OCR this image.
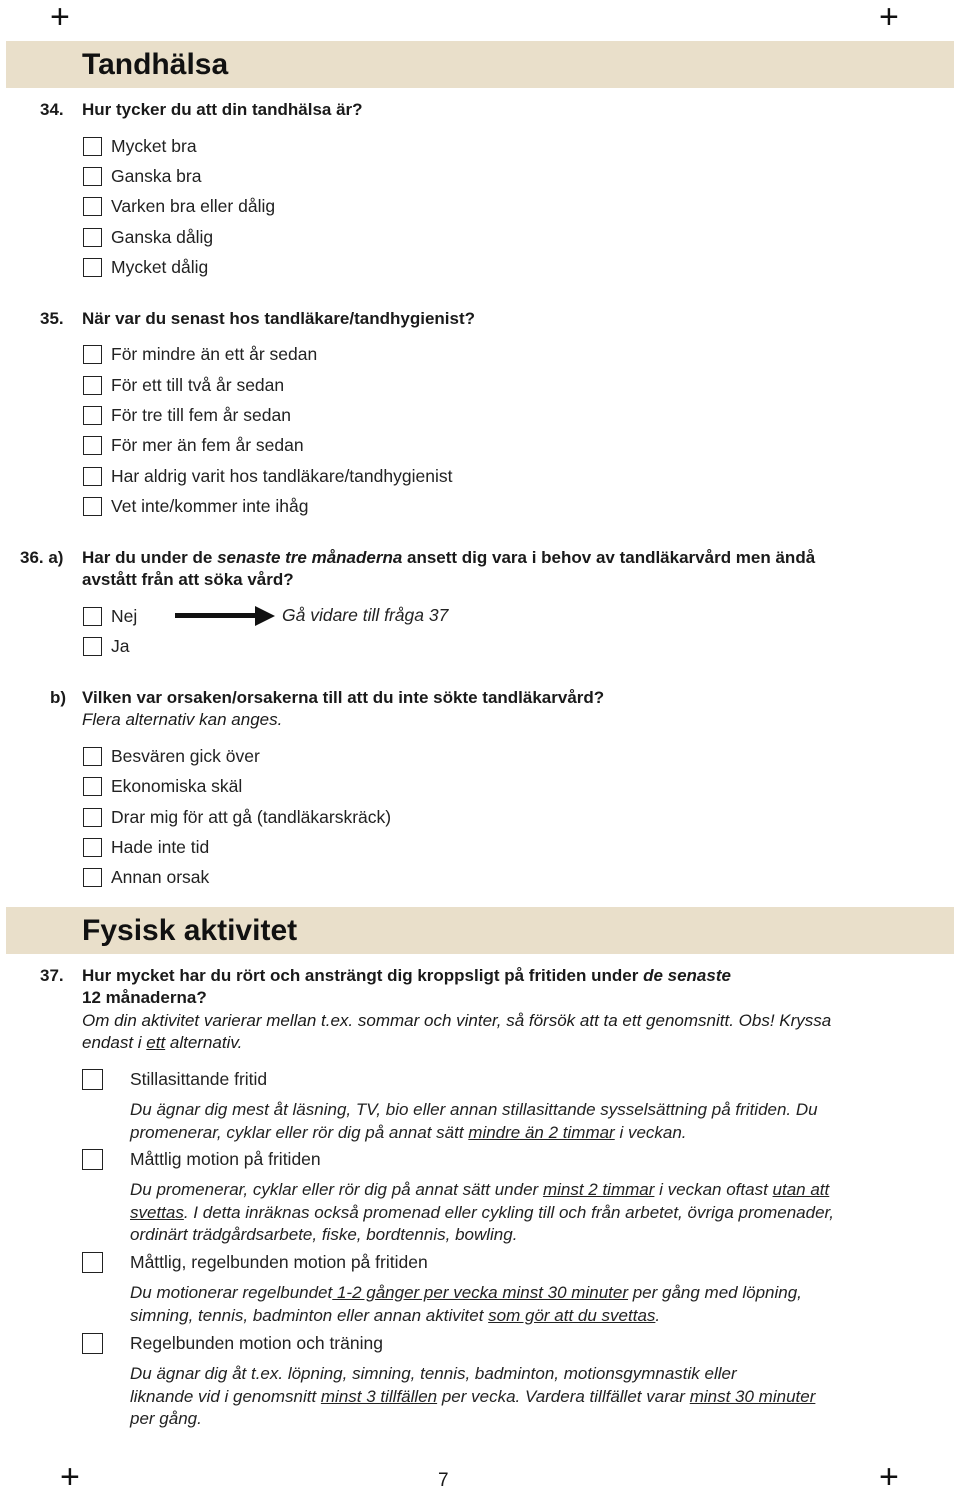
+	+
+	+
Tandhälsa
34. Hur tycker du att din tandhälsa är?
Mycket bra
Ganska bra
Varken bra eller dålig
Ganska dålig
Mycket dålig
35. När var du senast hos tandläkare/tandhygienist?
För mindre än ett år sedan
För ett till två år sedan
För tre till fem år sedan
För mer än fem år sedan
Har aldrig varit hos tandläkare/tandhygienist
Vet inte/kommer inte ihåg
36. a) Har du under de senaste tre månaderna ansett dig vara i behov av tandläkarvård men ändå
avstått från att söka vård?
Nej	Gå vidare till fråga 37
Ja
b) Vilken var orsaken/orsakerna till att du inte sökte tandläkarvård?
Flera alternativ kan anges.
Besvären gick över
Ekonomiska skäl
Drar mig för att gå (tandläkarskräck)
Hade inte tid
Annan orsak
Fysisk aktivitet
37. Hur mycket har du rört och ansträngt dig kroppsligt på fritiden under de senaste
12 månaderna?
Om din aktivitet varierar mellan t.ex. sommar och vinter, så försök att ta ett genomsnitt. Obs! Kryssa
endast i ett alternativ.
Stillasittande fritid
Du ägnar dig mest åt läsning, TV, bio eller annan stillasittande sysselsättning på fritiden. Du
promenerar, cyklar eller rör dig på annat sätt mindre än 2 timmar i veckan.
Måttlig motion på fritiden
Du promenerar, cyklar eller rör dig på annat sätt under minst 2 timmar i veckan oftast utan att
svettas. I detta inräknas också promenad eller cykling till och från arbetet, övriga promenader,
ordinärt trädgårdsarbete, fiske, bordtennis, bowling.
Måttlig, regelbunden motion på fritiden
Du motionerar regelbundet 1-2 gånger per vecka minst 30 minuter per gång med löpning,
simning, tennis, badminton eller annan aktivitet som gör att du svettas.
Regelbunden motion och träning
Du ägnar dig åt t.ex. löpning, simning, tennis, badminton, motionsgymnastik eller
liknande vid i genomsnitt minst 3 tillfällen per vecka. Vardera tillfället varar minst 30 minuter
per gång.
7
